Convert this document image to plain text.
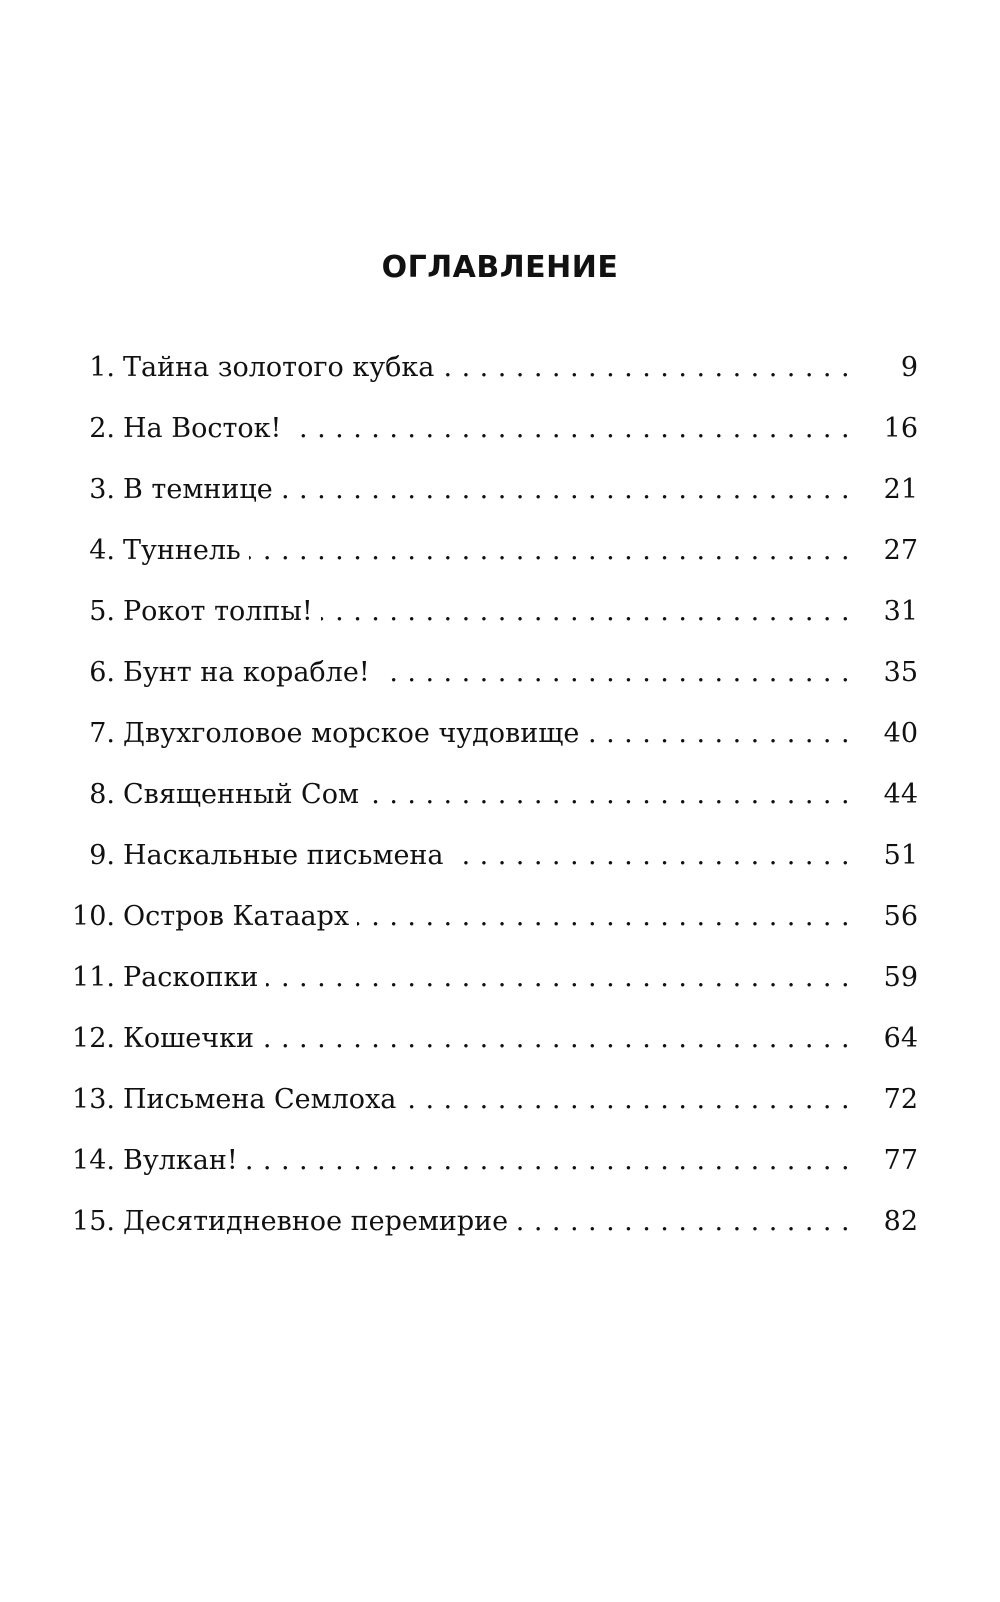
ОГЛАВЛЕНИЕ
1. Тайна золотого кубка . . .	9
2. На Восток! . . .	16
3. В темнице . . .	21
4. Туннель . . .	27
5. Рокот толпы! . . .	31
6. Бунт на корабле! . . .	35
7. Двухголовое морское чудовище . . .	40
8. Священный Сом . . .	44
9. Наскальные письмена . . .	51
10. Остров Катаарх . . .	56
11. Раскопки . . .	59
12. Кошечки . . .	64
13. Письмена Семлоха . . .	72
14. Вулкан! . . .	77
15. Десятидневное перемирие . . .	82
